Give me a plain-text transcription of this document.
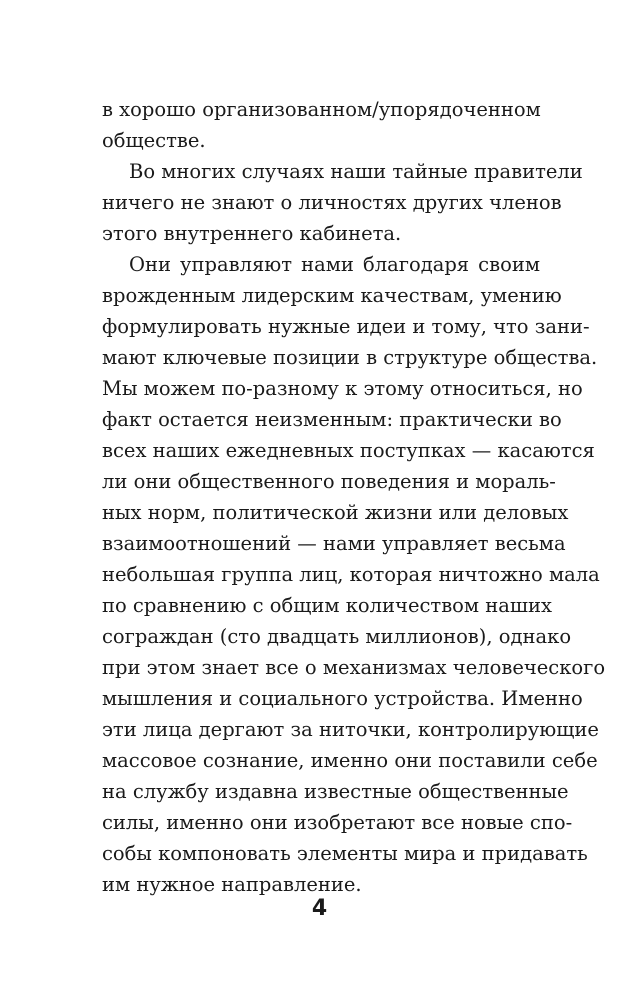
в хорошо организованном/упорядоченном
обществе.
Во многих случаях наши тайные правители
ничего не знают о личностях других членов
этого внутреннего кабинета.
Они управляют нами благодаря своим
врожденным лидерским качествам, умению
формулировать нужные идеи и тому, что зани-
мают ключевые позиции в структуре общества.
Мы можем по-разному к этому относиться, но
факт остается неизменным: практически во
всех наших ежедневных поступках — касаются
ли они общественного поведения и мораль-
ных норм, политической жизни или деловых
взаимоотношений — нами управляет весьма
небольшая группа лиц, которая ничтожно мала
по сравнению с общим количеством наших
сограждан (сто двадцать миллионов), однако
при этом знает все о механизмах человеческого
мышления и социального устройства. Именно
эти лица дергают за ниточки, контролирующие
массовое сознание, именно они поставили себе
на службу издавна известные общественные
силы, именно они изобретают все новые спо-
собы компоновать элементы мира и придавать
им нужное направление.
4
